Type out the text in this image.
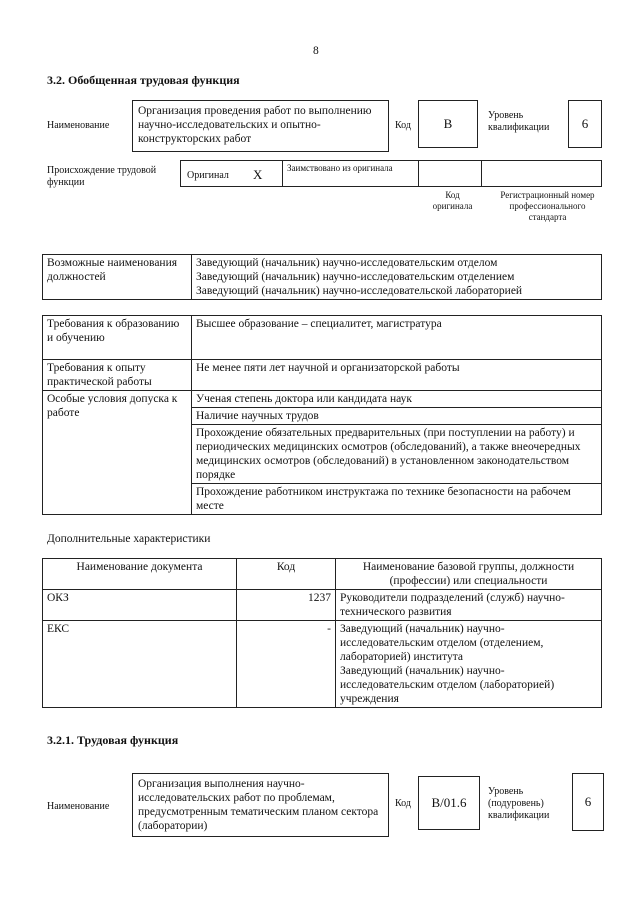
8
3.2. Обобщенная трудовая функция
Наименование
Организация проведения работ по выполнению научно-исследовательских и опытно-конструкторских работ
Код	B
Уровень квалификации	6
Происхождение трудовой функции
Оригинал X	Заимствовано из оригинала
Код оригинала
Регистрационный номер профессионального стандарта
Возможные наименования должностей	
Заведующий (начальник) научно-исследовательским отделом
Заведующий (начальник) научно-исследовательским отделением
Заведующий (начальник) научно-исследовательской лабораторией
Требования к образованию и обучению	Высшее образование – специалитет, магистратура
Требования к опыту практической работы	Не менее пяти лет научной и организаторской работы
Особые условия допуска к работе	Ученая степень доктора или кандидата наук
	Наличие научных трудов
	Прохождение обязательных предварительных (при поступлении на работу) и периодических медицинских осмотров (обследований), а также внеочередных медицинских осмотров (обследований) в установленном законодательством порядке
	Прохождение работником инструктажа по технике безопасности на рабочем месте
Дополнительные характеристики
Наименование документа	Код	Наименование базовой группы, должности (профессии) или специальности
ОКЗ	1237	Руководители подразделений (служб) научно-технического развития
ЕКС	-	Заведующий (начальник) научно-исследовательским отделом (отделением, лабораторией) института
Заведующий (начальник) научно-исследовательским отделом (лабораторией) учреждения
3.2.1. Трудовая функция
Наименование
Организация выполнения научно-исследовательских работ по проблемам, предусмотренным тематическим планом сектора (лаборатории)
Код	B/01.6
Уровень (подуровень) квалификации
6
